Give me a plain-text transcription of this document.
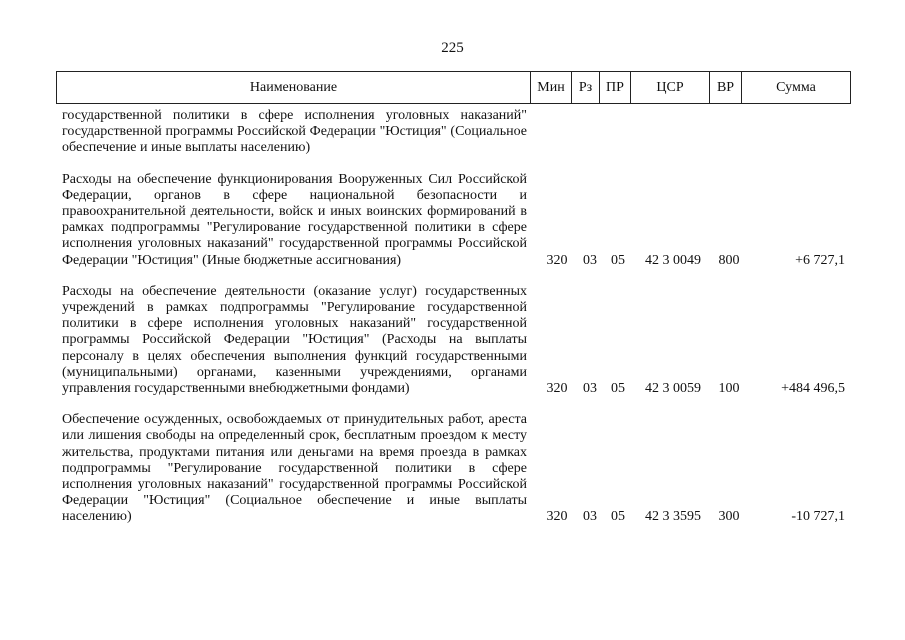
225
Наименование	Мин	Рз	ПР	ЦСР	ВР	Сумма
государственной политики в сфере исполнения уголовных наказаний" государственной программы Российской Федерации "Юстиция" (Социальное обеспечение и иные выплаты населению)
Расходы на обеспечение функционирования Вооруженных Сил Российской Федерации, органов в сфере национальной безопасности и правоохранительной деятельности, войск и иных воинских формирований в рамках подпрограммы "Регулирование государственной политики в сфере исполнения уголовных наказаний" государственной программы Российской Федерации "Юстиция" (Иные бюджетные ассигнования)	320	03	05	42 3 0049	800	+6 727,1
Расходы на обеспечение деятельности (оказание услуг) государственных учреждений в рамках подпрограммы "Регулирование государственной политики в сфере исполнения уголовных наказаний" государственной программы Российской Федерации "Юстиция" (Расходы на выплаты персоналу в целях обеспечения выполнения функций государственными (муниципальными) органами, казенными учреждениями, органами управления государственными внебюджетными фондами)	320	03	05	42 3 0059	100	+484 496,5
Обеспечение осужденных, освобождаемых от принудительных работ, ареста или лишения свободы на определенный срок, бесплатным проездом к месту жительства, продуктами питания или деньгами на время проезда в рамках подпрограммы "Регулирование государственной политики в сфере исполнения уголовных наказаний" государственной программы Российской Федерации "Юстиция" (Социальное обеспечение и иные выплаты населению)	320	03	05	42 3 3595	300	-10 727,1
